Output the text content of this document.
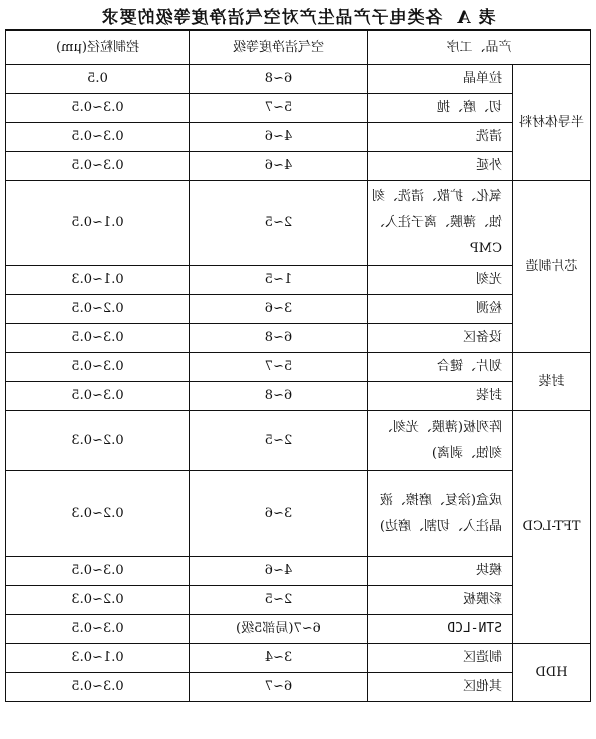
表 A
各类电子产品生产对空气洁净度等级的要求
产品、工序		空气洁净度等级	控制粒径(μm)
半导体材料	拉单晶	6~8	0.5
	切、磨、抛	5~7	0.3~0.5
	清洗	4~6	0.3~0.5
	外延	4~6	0.3~0.5
芯片制造	氧化、扩散、清洗、刻蚀、薄膜、离子注入、CMP	2~5	0.1~0.5
	光刻	1~5	0.1~0.3
	检测	3~6	0.2~0.5
	设备区	6~8	0.3~0.5
封装	划片、键合	5~7	0.3~0.5
	封装	6~8	0.3~0.5
TFT-LCD	阵列板(薄膜、光刻、刻蚀、剥离)	2~5	0.2~0.3
	成盒(涂复、磨擦、液晶注入、切割、磨边)	3~6	0.2~0.3
	模块	4~6	0.3~0.5
	彩膜板	2~5	0.2~0.3
	STN-LCD	6~7(局部5级)	0.3~0.5
HDD	制造区	3~4	0.1~0.3
	其他区	6~7	0.3~0.5
